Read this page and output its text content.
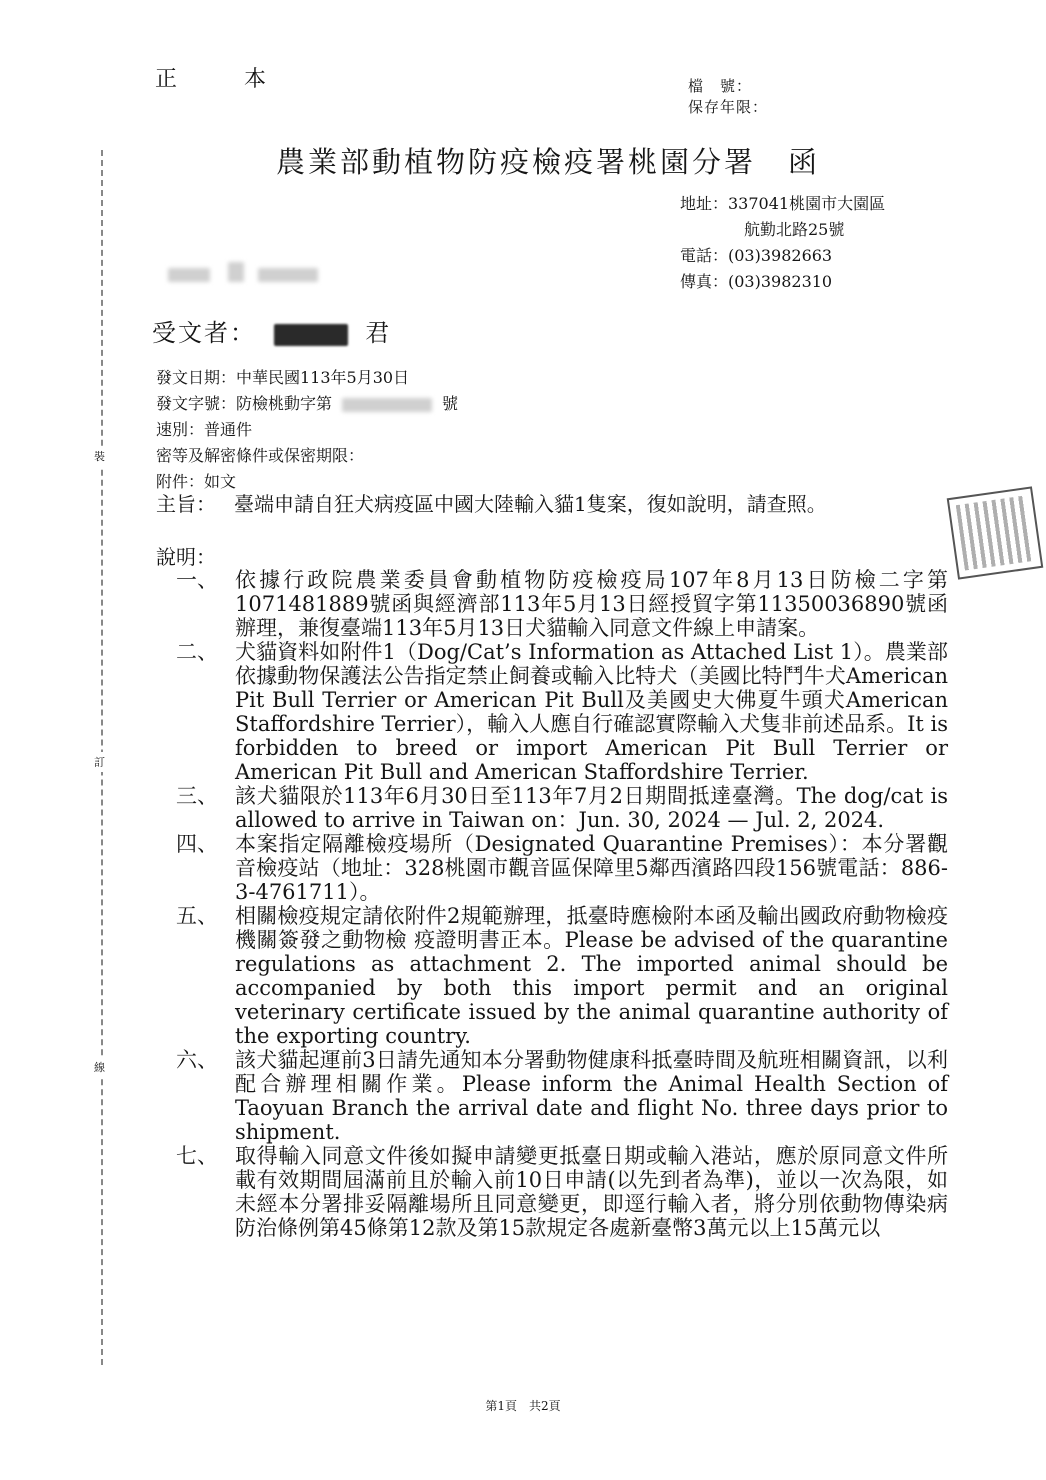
裝
訂
線
正 本	檔　號：
保存年限：
農業部動植物防疫檢疫署桃園分署　函
地址：337041桃園市大園區
航勤北路25號
電話：(03)3982663
傳真：(03)3982310
受文者：	君
發文日期：中華民國113年5月30日
發文字號：防檢桃動字第	號
速別：普通件
密等及解密條件或保密期限：
附件：如文
主旨： 臺端申請自狂犬病疫區中國大陸輸入貓1隻案，復如說明，請查照。
說明：
一、 依據行政院農業委員會動植物防疫檢疫局107年8月13日防檢二字第1071481889號函與經濟部113年5月13日經授貿字第11350036890號函辦理，兼復臺端113年5月13日犬貓輸入同意文件線上申請案。
二、 犬貓資料如附件1（Dog/Cat’s Information as Attached List 1）。農業部依據動物保護法公告指定禁止飼養或輸入比特犬（美國比特鬥牛犬American Pit Bull Terrier or American Pit Bull及美國史大佛夏牛頭犬American Staffordshire Terrier），輸入人應自行確認實際輸入犬隻非前述品系。It is forbidden to breed or import American Pit Bull Terrier or American Pit Bull and American Staffordshire Terrier.
三、 該犬貓限於113年6月30日至113年7月2日期間抵達臺灣。The dog/cat is allowed to arrive in Taiwan on：Jun. 30, 2024 — Jul. 2, 2024.
四、 本案指定隔離檢疫場所（Designated Quarantine Premises）：本分署觀音檢疫站（地址：328桃園市觀音區保障里5鄰西濱路四段156號電話：886-3-4761711）。
五、 相關檢疫規定請依附件2規範辦理，抵臺時應檢附本函及輸出國政府動物檢疫機關簽發之動物檢 疫證明書正本。Please be advised of the quarantine regulations as attachment 2. The imported animal should be accompanied by both this import permit and an original veterinary certificate issued by the animal quarantine authority of the exporting country.
六、 該犬貓起運前3日請先通知本分署動物健康科抵臺時間及航班相關資訊，以利配合辦理相關作業。Please inform the Animal Health Section of Taoyuan Branch the arrival date and flight No. three days prior to shipment.
七、 取得輸入同意文件後如擬申請變更抵臺日期或輸入港站，應於原同意文件所載有效期間屆滿前且於輸入前10日申請(以先到者為準)，並以一次為限，如未經本分署排妥隔離場所且同意變更，即逕行輸入者，將分別依動物傳染病防治條例第45條第12款及第15款規定各處新臺幣3萬元以上15萬元以
第1頁　共2頁
